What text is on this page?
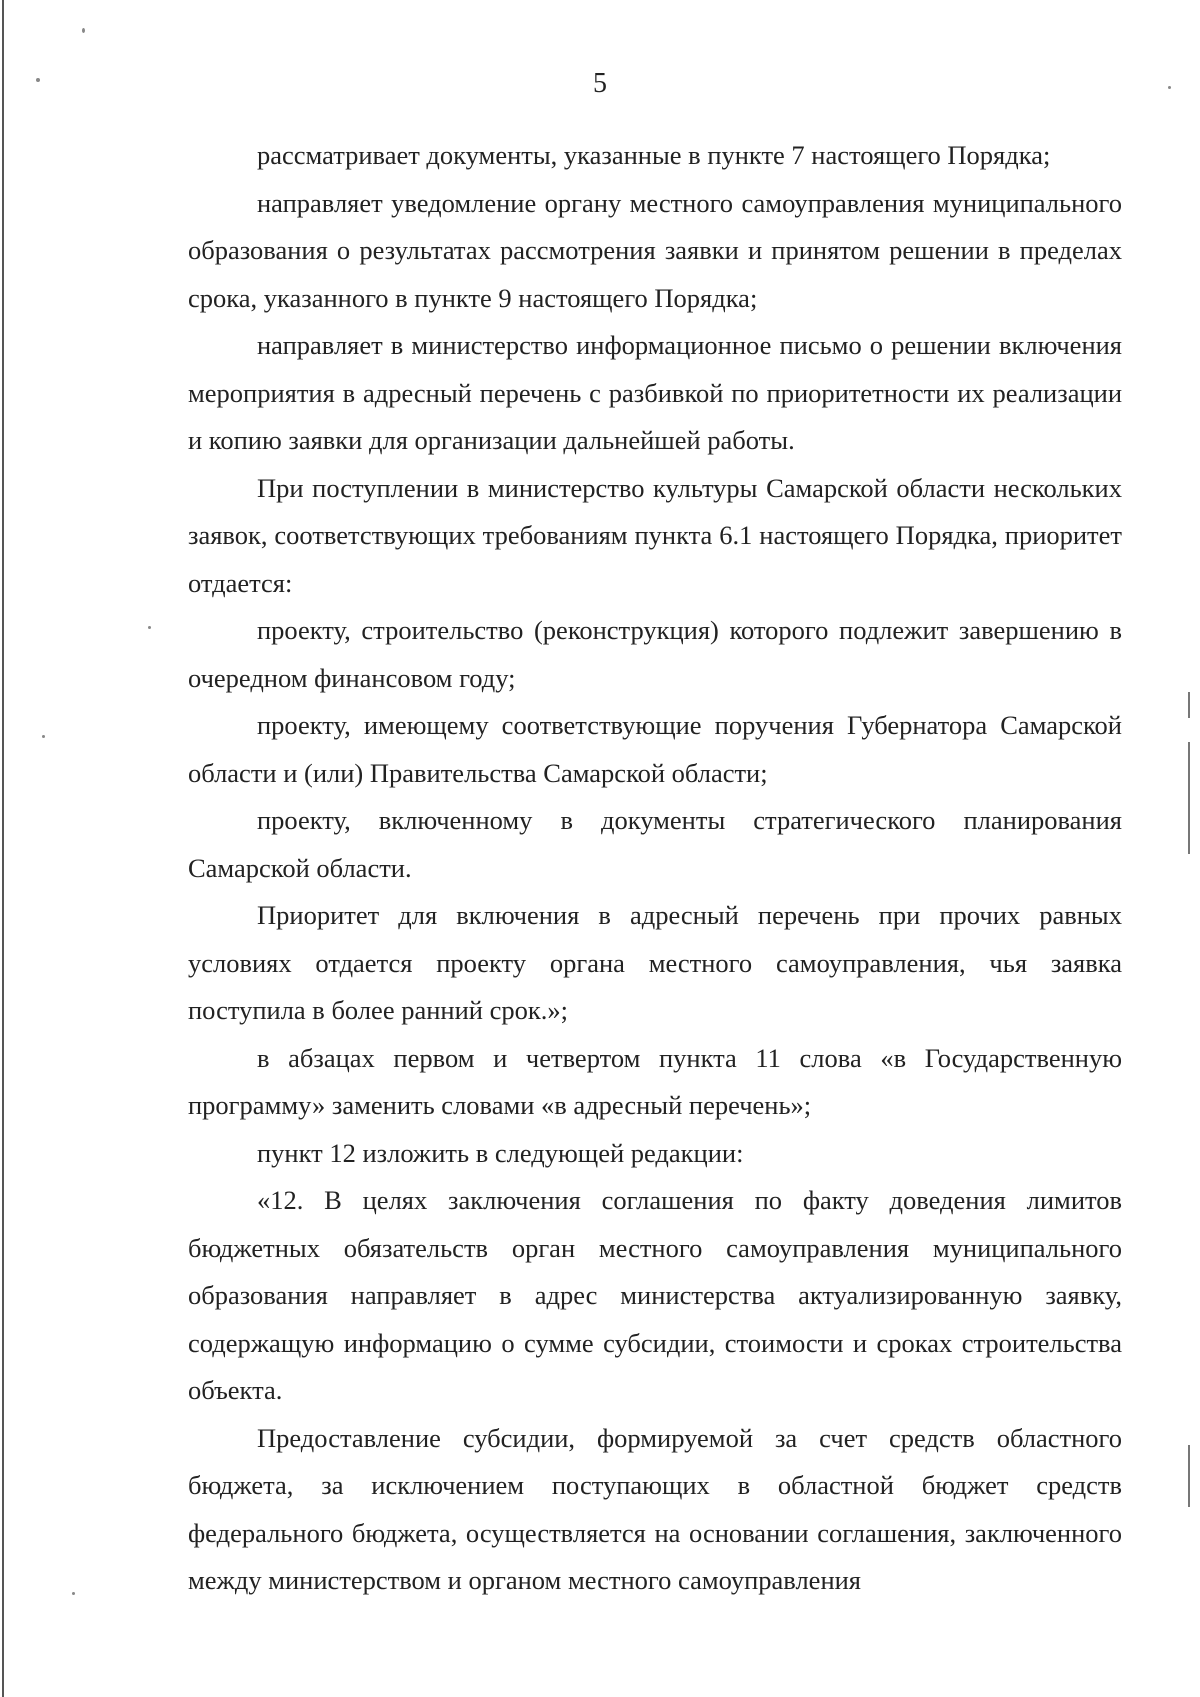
5

рассматривает документы, указанные в пункте 7 настоящего Порядка;

направляет уведомление органу местного самоуправления муниципального образования о результатах рассмотрения заявки и принятом решении в пределах срока, указанного в пункте 9 настоящего Порядка;

направляет в министерство информационное письмо о решении включения мероприятия в адресный перечень с разбивкой по приоритетности их реализации и копию заявки для организации дальнейшей работы.

При поступлении в министерство культуры Самарской области нескольких заявок, соответствующих требованиям пункта 6.1 настоящего Порядка, приоритет отдается:

проекту, строительство (реконструкция) которого подлежит завершению в очередном финансовом году;

проекту, имеющему соответствующие поручения Губернатора Самарской области и (или) Правительства Самарской области;

проекту, включенному в документы стратегического планирования Самарской области.

Приоритет для включения в адресный перечень при прочих равных условиях отдается проекту органа местного самоуправления, чья заявка поступила в более ранний срок.»;

в абзацах первом и четвертом пункта 11 слова «в Государственную программу» заменить словами «в адресный перечень»;

пункт 12 изложить в следующей редакции:

«12. В целях заключения соглашения по факту доведения лимитов бюджетных обязательств орган местного самоуправления муниципального образования направляет в адрес министерства актуализированную заявку, содержащую информацию о сумме субсидии, стоимости и сроках строительства объекта.

Предоставление субсидии, формируемой за счет средств областного бюджета, за исключением поступающих в областной бюджет средств федерального бюджета, осуществляется на основании соглашения, заключенного между министерством и органом местного самоуправления
